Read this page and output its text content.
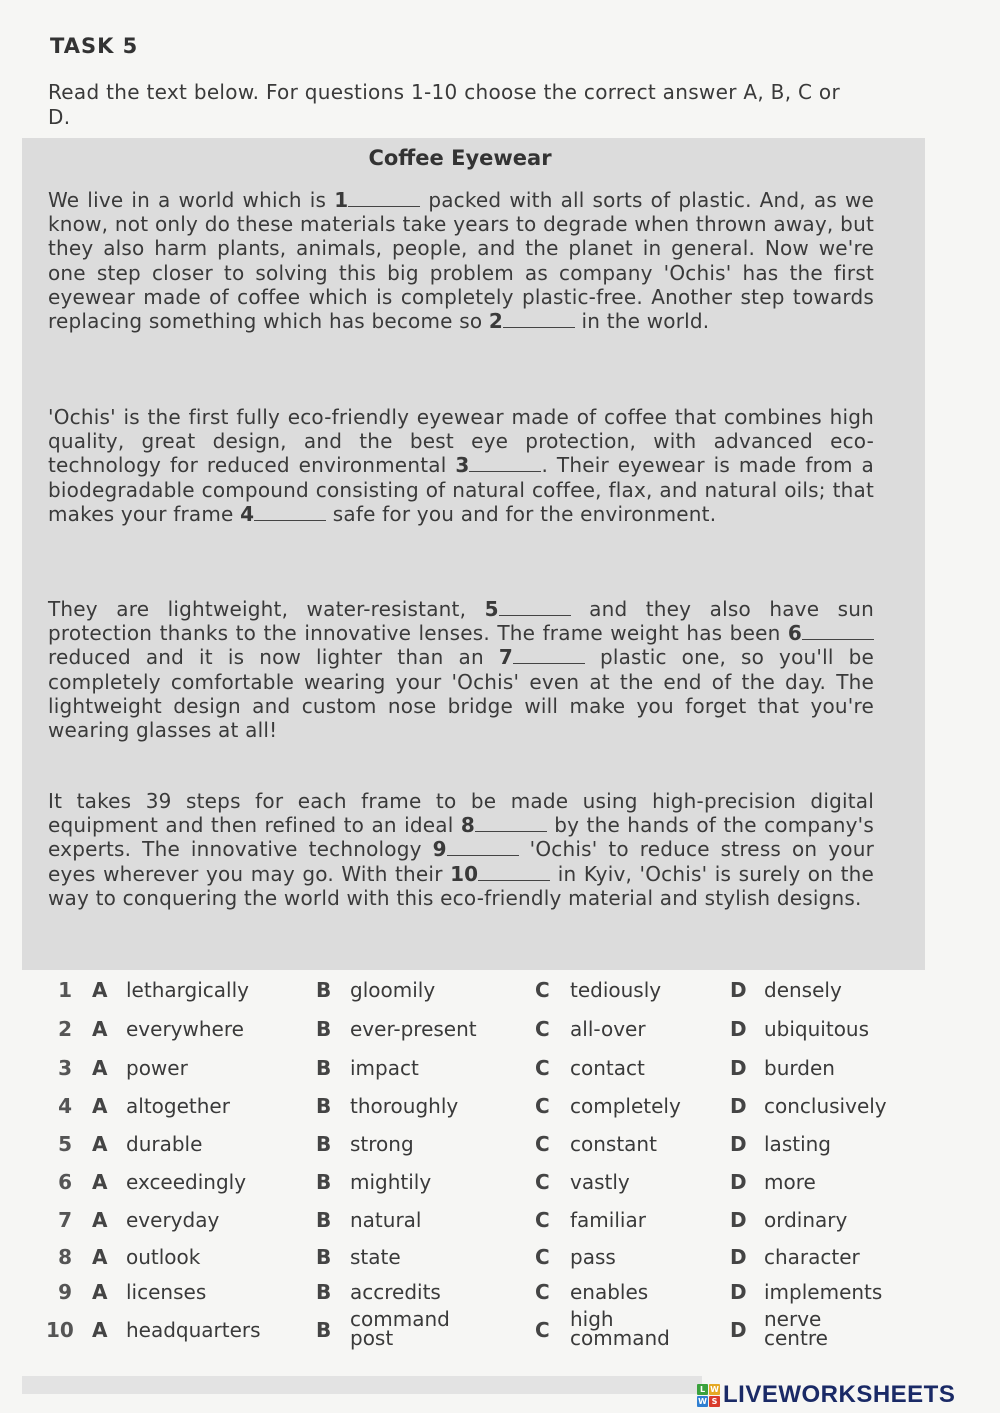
TASK 5
Read the text below. For questions 1-10 choose the correct answer A, B, C or D.
Coffee Eyewear
We live in a world which is 1	packed with all sorts of plastic. And, as we know, not only do these materials take years to degrade when thrown away, but they also harm plants, animals, people, and the planet in general. Now we're one step closer to solving this big problem as company 'Ochis' has the first eyewear made of coffee which is completely plastic-free. Another step towards replacing something which has become so 2	in the world.
'Ochis' is the first fully eco-friendly eyewear made of coffee that combines high quality, great design, and the best eye protection, with advanced eco-technology for reduced environmental 3	. Their eyewear is made from a biodegradable compound consisting of natural coffee, flax, and natural oils; that makes your frame 4	safe for you and for the environment.
They are lightweight, water-resistant, 5	and they also have sun protection thanks to the innovative lenses. The frame weight has been 6 reduced and it is now lighter than an 7	plastic one, so you'll be completely comfortable wearing your 'Ochis' even at the end of the day. The lightweight design and custom nose bridge will make you forget that you're wearing glasses at all!
It takes 39 steps for each frame to be made using high-precision digital equipment and then refined to an ideal 8	by the hands of the company's experts. The innovative technology 9	'Ochis' to reduce stress on your eyes wherever you may go. With their 10	in Kyiv, 'Ochis' is surely on the way to conquering the world with this eco-friendly material and stylish designs.
1 A lethargically	B gloomily	C tediously	D densely
2 A everywhere	B ever-present	C all-over	D ubiquitous
3 A power	B impact	C contact	D burden
4 A altogether	B thoroughly	C completely D conclusively
5 A durable	B strong	C constant	D lasting
6 A exceedingly	B mightily	C vastly	D more
7 A everyday	B natural	C familiar	D ordinary
8 A outlook	B state	C pass	D character
9 A licenses	B accredits	C enables	D implements
10 A headquarters	B command
post	C high
command	D nerve
centre
L W
W S LIVEWORKSHEETS
